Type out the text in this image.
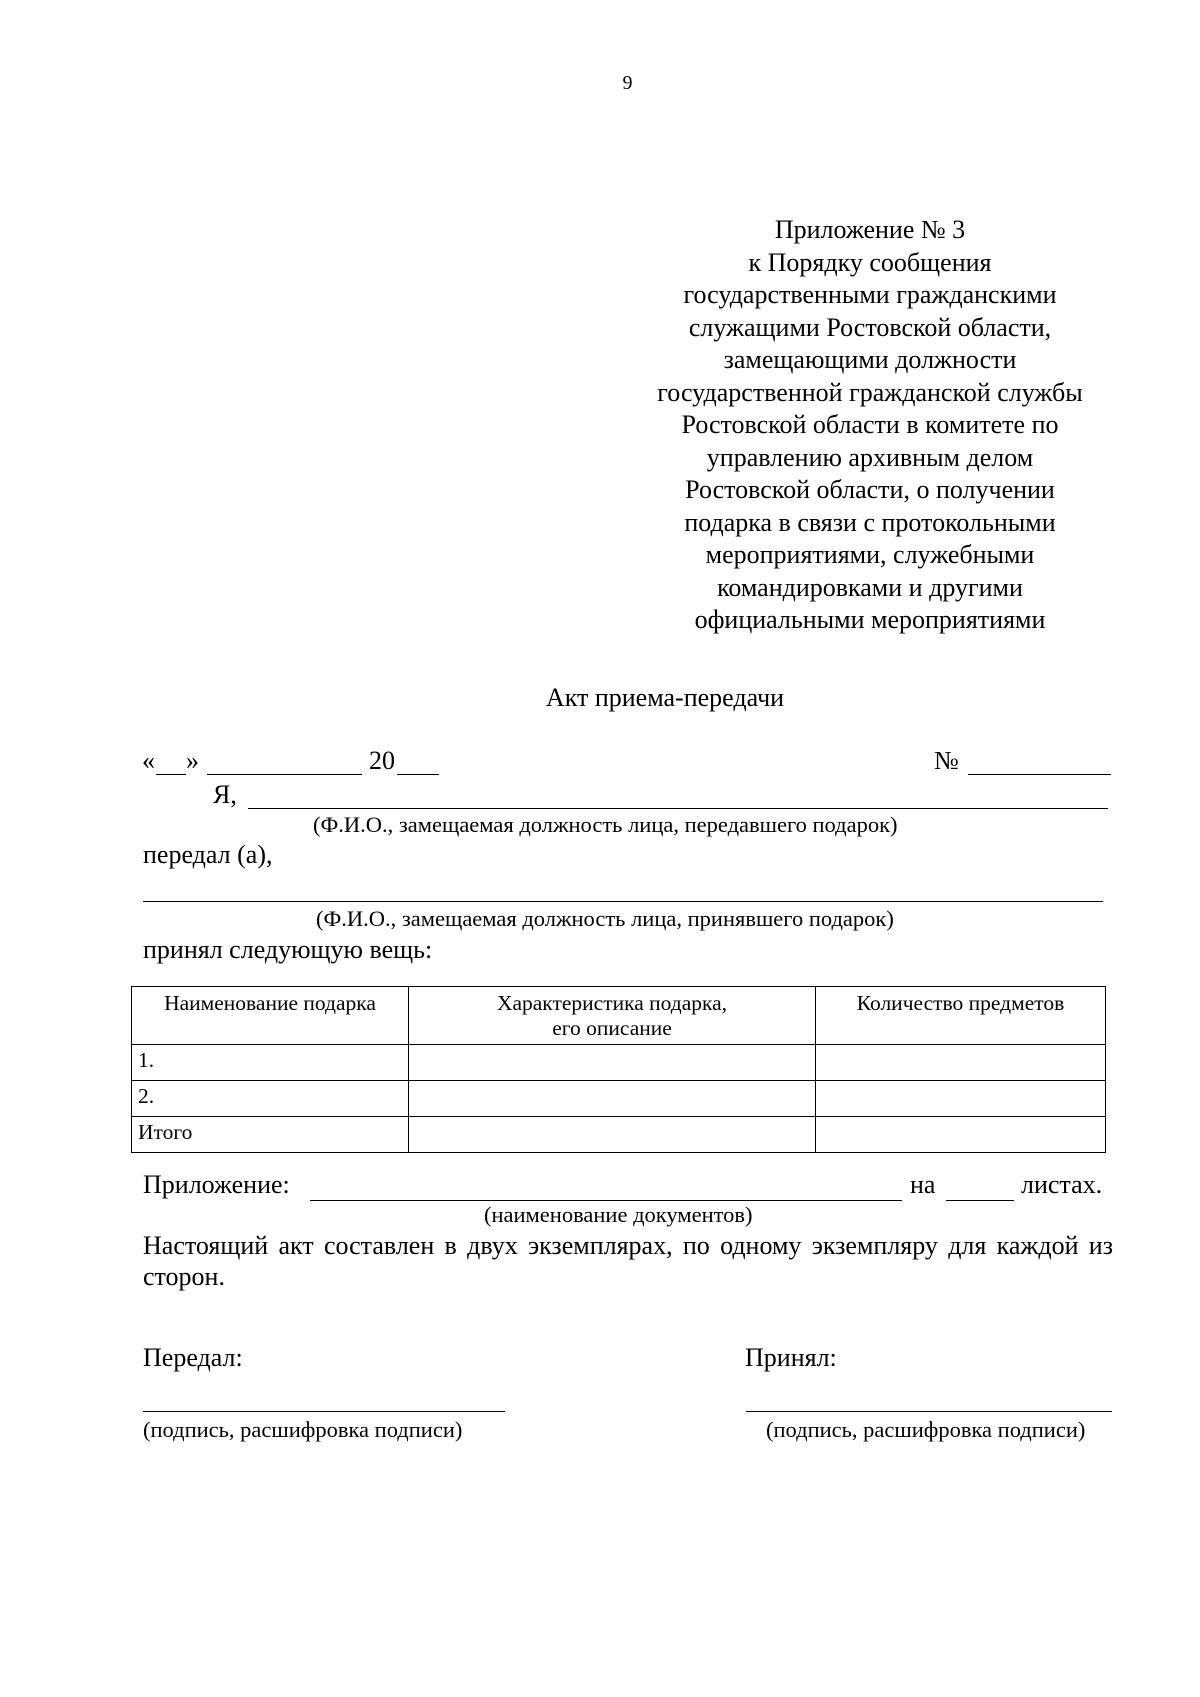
9
Приложение № 3
к Порядку сообщения
государственными гражданскими
служащими Ростовской области,
замещающими должности
государственной гражданской службы
Ростовской области в комитете по
управлению архивным делом
Ростовской области, о получении
подарка в связи с протокольными
мероприятиями, служебными
командировками и другими
официальными мероприятиями
Акт приема-передачи
« »	20	№
Я,
(Ф.И.О., замещаемая должность лица, передавшего подарок)
передал (а),
(Ф.И.О., замещаемая должность лица, принявшего подарок)
принял следующую вещь:
Наименование подарка	Характеристика подарка, его описание	Количество предметов
1.		
2.		
Итого		
Приложение:	на	листах.
(наименование документов)
Настоящий акт составлен в двух экземплярах, по одному экземпляру для каждой из сторон.
Передал:	Принял:
(подпись, расшифровка подписи)	(подпись, расшифровка подписи)
